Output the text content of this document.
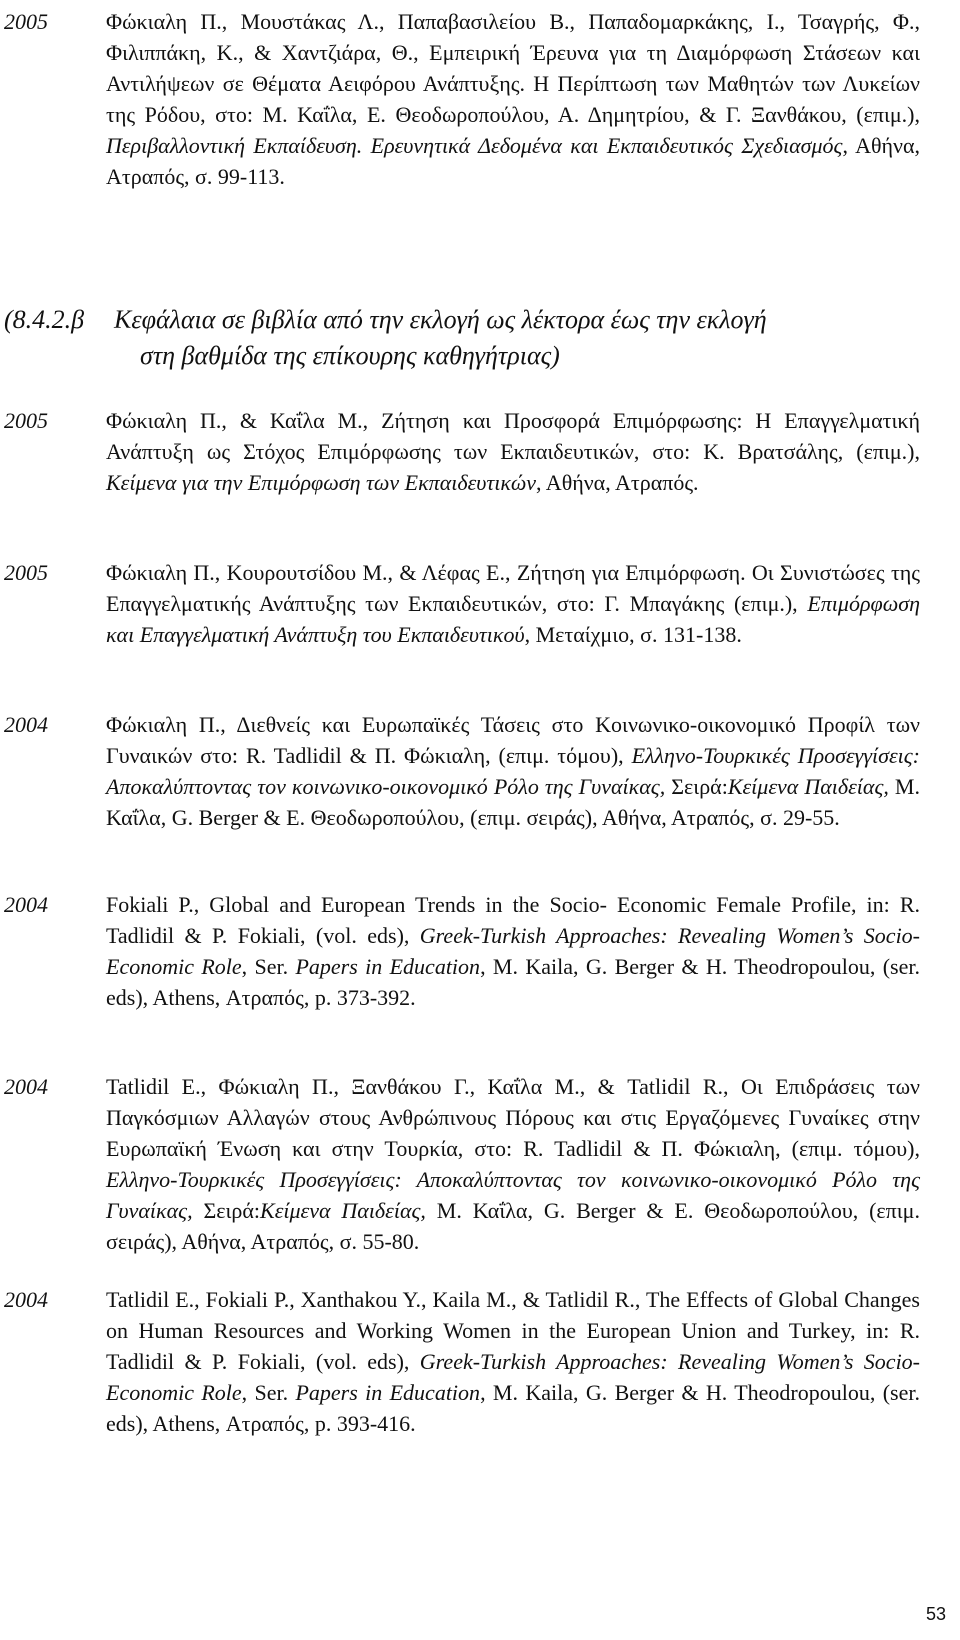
2005	Φώκιαλη Π., Μουστάκας Λ., Παπαβασιλείου Β., Παπαδομαρκάκης, Ι., Τσαγρής, Φ., Φιλιππάκη, Κ., & Χαντζιάρα, Θ., Εμπειρική Έρευνα για τη Διαμόρφωση Στάσεων και Αντιλήψεων σε Θέματα Αειφόρου Ανάπτυξης. Η Περίπτωση των Μαθητών των Λυκείων της Ρόδου, στο: Μ. Καΐλα, Ε. Θεοδωροπούλου, Α. Δημητρίου, & Γ. Ξανθάκου, (επιμ.), Περιβαλλοντική Εκπαίδευση. Ερευνητικά Δεδομένα και Εκπαιδευτικός Σχεδιασμός, Αθήνα, Ατραπός, σ. 99-113.
(8.4.2.β Κεφάλαια σε βιβλία από την εκλογή ως λέκτορα έως την εκλογή
στη βαθμίδα της επίκουρης καθηγήτριας)
2005	Φώκιαλη Π., & Καΐλα Μ., Ζήτηση και Προσφορά Επιμόρφωσης: Η Επαγγελματική Ανάπτυξη ως Στόχος Επιμόρφωσης των Εκπαιδευτικών, στο: Κ. Βρατσάλης, (επιμ.), Κείμενα για την Επιμόρφωση των Εκπαιδευτικών, Αθήνα, Ατραπός.
2005	Φώκιαλη Π., Κουρουτσίδου Μ., & Λέφας Ε., Ζήτηση για Επιμόρφωση. Οι Συνιστώσες της Επαγγελματικής Ανάπτυξης των Εκπαιδευτικών, στο: Γ. Μπαγάκης (επιμ.), Επιμόρφωση και Επαγγελματική Ανάπτυξη του Εκπαιδευτικού, Μεταίχμιο, σ. 131-138.
2004	Φώκιαλη Π., Διεθνείς και Ευρωπαϊκές Τάσεις στο Κοινωνικο-οικονομικό Προφίλ των Γυναικών στο: R. Tadlidil & Π. Φώκιαλη, (επιμ. τόμου), Ελληνο-Τουρκικές Προσεγγίσεις: Αποκαλύπτοντας τον κοινωνικο-οικονομικό Ρόλο της Γυναίκας, Σειρά:Κείμενα Παιδείας, Μ. Καΐλα, G. Berger & Ε. Θεοδωροπούλου, (επιμ. σειράς), Αθήνα, Ατραπός, σ. 29-55.
2004	Fokiali P., Global and European Trends in the Socio- Economic Female Profile, in: R. Tadlidil & P. Fokiali, (vol. eds), Greek-Turkish Approaches: Revealing Women’s Socio- Economic Role, Ser. Papers in Education, M. Kaila, G. Berger & H. Theodropoulou, (ser. eds), Athens, Ατραπός, p. 373-392.
2004	Tatlidil E., Φώκιαλη Π., Ξανθάκου Γ., Καΐλα Μ., & Tatlidil R., Οι Επιδράσεις των Παγκόσμιων Αλλαγών στους Ανθρώπινους Πόρους και στις Εργαζόμενες Γυναίκες στην Ευρωπαϊκή Ένωση και στην Τουρκία, στο: R. Tadlidil & Π. Φώκιαλη, (επιμ. τόμου), Ελληνο-Τουρκικές Προσεγγίσεις: Αποκαλύπτοντας τον κοινωνικο-οικονομικό Ρόλο της Γυναίκας, Σειρά:Κείμενα Παιδείας, Μ. Καΐλα, G. Berger & Ε. Θεοδωροπούλου, (επιμ. σειράς), Αθήνα, Ατραπός, σ. 55-80.
2004	Tatlidil E., Fokiali P., Xanthakou Y., Kaila M., & Tatlidil R., The Effects of Global Changes on Human Resources and Working Women in the European Union and Turkey, in: R. Tadlidil & P. Fokiali, (vol. eds), Greek-Turkish Approaches: Revealing Women’s Socio- Economic Role, Ser. Papers in Education, M. Kaila, G. Berger & H. Theodropoulou, (ser. eds), Athens, Ατραπός, p. 393-416.
53
